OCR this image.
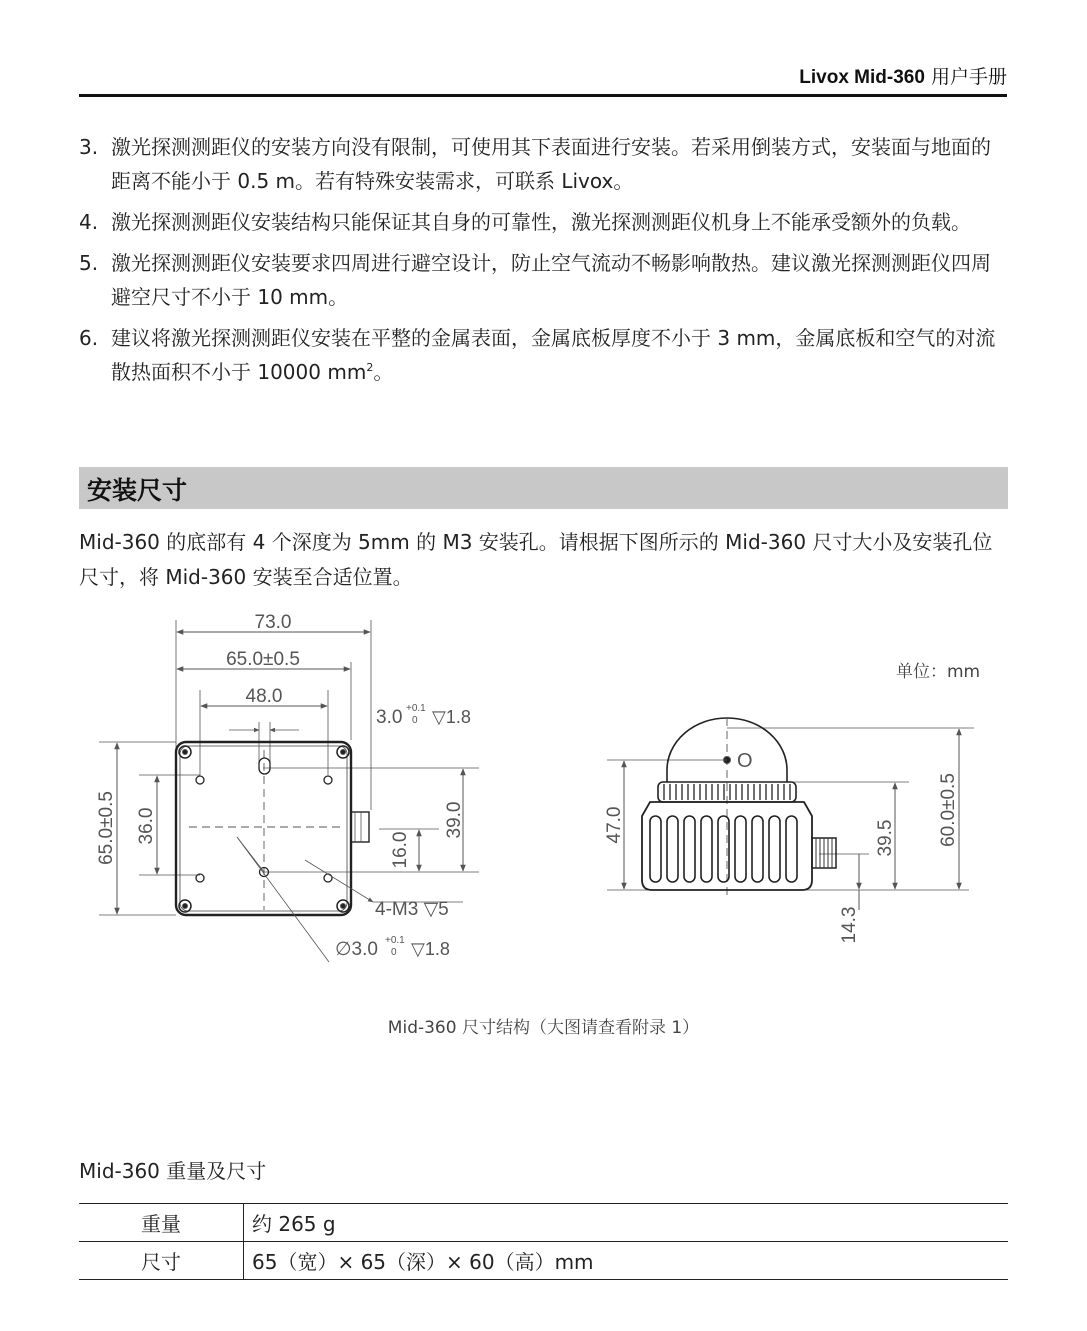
Livox Mid-360 用户手册
3. 激光探测测距仪的安装方向没有限制，可使用其下表面进行安装。若采用倒装方式，安装面与地面的距离不能小于 0.5 m。若有特殊安装需求，可联系 Livox。
4. 激光探测测距仪安装结构只能保证其自身的可靠性，激光探测测距仪机身上不能承受额外的负载。
5. 激光探测测距仪安装要求四周进行避空设计，防止空气流动不畅影响散热。建议激光探测测距仪四周避空尺寸不小于 10 mm。
6. 建议将激光探测测距仪安装在平整的金属表面，金属底板厚度不小于 3 mm，金属底板和空气的对流散热面积不小于 10000 $mm^2$。
安装尺寸

Mid-360 的底部有 4 个深度为 5mm 的 M3 安装孔。请根据下图所示的 Mid-360 尺寸大小及安装孔位尺寸，将 Mid-360 安装至合适位置。

73.0
65.0±0.5
48.0
3.0 +0.1
0 ▽1.8
65.0±0.5 36.0	39.0
16.0
4-M3 ▽5
∅3.0 +0.1
0 ▽1.8
O
47.0	39.5 60.0±0.5
14.3
单位：mm
Mid-360 尺寸结构（大图请查看附录 1）
Mid-360 重量及尺寸
重量	约 265 g
尺寸	65（宽）× 65（深）× 60（高）mm
